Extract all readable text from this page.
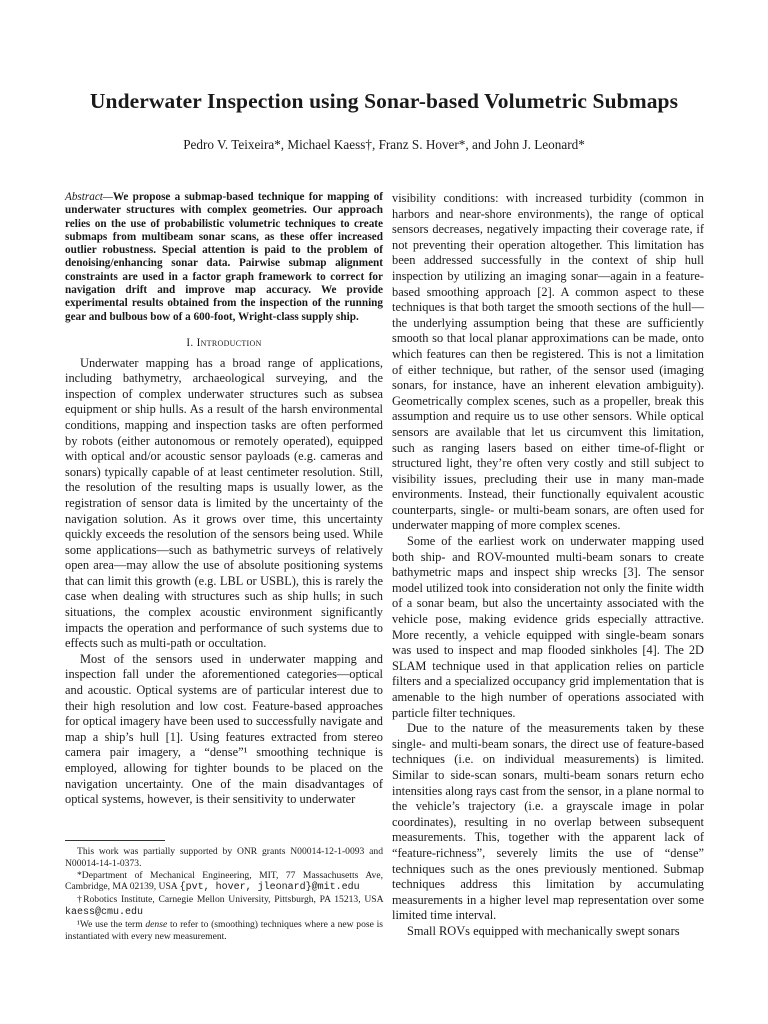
Underwater Inspection using Sonar-based Volumetric Submaps
Pedro V. Teixeira*, Michael Kaess†, Franz S. Hover*, and John J. Leonard*
Abstract—We propose a submap-based technique for mapping of underwater structures with complex geometries. Our approach relies on the use of probabilistic volumetric techniques to create submaps from multibeam sonar scans, as these offer increased outlier robustness. Special attention is paid to the problem of denoising/enhancing sonar data. Pairwise submap alignment constraints are used in a factor graph framework to correct for navigation drift and improve map accuracy. We provide experimental results obtained from the inspection of the running gear and bulbous bow of a 600-foot, Wright-class supply ship.
I. Introduction

Underwater mapping has a broad range of applications, including bathymetry, archaeological surveying, and the inspection of complex underwater structures such as subsea equipment or ship hulls. As a result of the harsh environmental conditions, mapping and inspection tasks are often performed by robots (either autonomous or remotely operated), equipped with optical and/or acoustic sensor payloads (e.g. cameras and sonars) typically capable of at least centimeter resolution. Still, the resolution of the resulting maps is usually lower, as the registration of sensor data is limited by the uncertainty of the navigation solution. As it grows over time, this uncertainty quickly exceeds the resolution of the sensors being used. While some applications—such as bathymetric surveys of relatively open area—may allow the use of absolute positioning systems that can limit this growth (e.g. LBL or USBL), this is rarely the case when dealing with structures such as ship hulls; in such situations, the complex acoustic environment significantly impacts the operation and performance of such systems due to effects such as multi-path or occultation.

Most of the sensors used in underwater mapping and inspection fall under the aforementioned categories—optical and acoustic. Optical systems are of particular interest due to their high resolution and low cost. Feature-based approaches for optical imagery have been used to successfully navigate and map a ship’s hull [1]. Using features extracted from stereo camera pair imagery, a “dense”¹ smoothing technique is employed, allowing for tighter bounds to be placed on the navigation uncertainty. One of the main disadvantages of optical systems, however, is their sensitivity to underwater

This work was partially supported by ONR grants N00014-12-1-0093 and N00014-14-1-0373.

*Department of Mechanical Engineering, MIT, 77 Massachusetts Ave, Cambridge, MA 02139, USA {pvt, hover, jleonard}@mit.edu

†Robotics Institute, Carnegie Mellon University, Pittsburgh, PA 15213, USA kaess@cmu.edu

¹We use the term dense to refer to (smoothing) techniques where a new pose is instantiated with every new measurement.

visibility conditions: with increased turbidity (common in harbors and near-shore environments), the range of optical sensors decreases, negatively impacting their coverage rate, if not preventing their operation altogether. This limitation has been addressed successfully in the context of ship hull inspection by utilizing an imaging sonar—again in a feature-based smoothing approach [2]. A common aspect to these techniques is that both target the smooth sections of the hull—the underlying assumption being that these are sufficiently smooth so that local planar approximations can be made, onto which features can then be registered. This is not a limitation of either technique, but rather, of the sensor used (imaging sonars, for instance, have an inherent elevation ambiguity). Geometrically complex scenes, such as a propeller, break this assumption and require us to use other sensors. While optical sensors are available that let us circumvent this limitation, such as ranging lasers based on either time-of-flight or structured light, they’re often very costly and still subject to visibility issues, precluding their use in many man-made environments. Instead, their functionally equivalent acoustic counterparts, single- or multi-beam sonars, are often used for underwater mapping of more complex scenes.

Some of the earliest work on underwater mapping used both ship- and ROV-mounted multi-beam sonars to create bathymetric maps and inspect ship wrecks [3]. The sensor model utilized took into consideration not only the finite width of a sonar beam, but also the uncertainty associated with the vehicle pose, making evidence grids especially attractive. More recently, a vehicle equipped with single-beam sonars was used to inspect and map flooded sinkholes [4]. The 2D SLAM technique used in that application relies on particle filters and a specialized occupancy grid implementation that is amenable to the high number of operations associated with particle filter techniques.

Due to the nature of the measurements taken by these single- and multi-beam sonars, the direct use of feature-based techniques (i.e. on individual measurements) is limited. Similar to side-scan sonars, multi-beam sonars return echo intensities along rays cast from the sensor, in a plane normal to the vehicle’s trajectory (i.e. a grayscale image in polar coordinates), resulting in no overlap between subsequent measurements. This, together with the apparent lack of “feature-richness”, severely limits the use of “dense” techniques such as the ones previously mentioned. Submap techniques address this limitation by accumulating measurements in a higher level map representation over some limited time interval.

Small ROVs equipped with mechanically swept sonars
